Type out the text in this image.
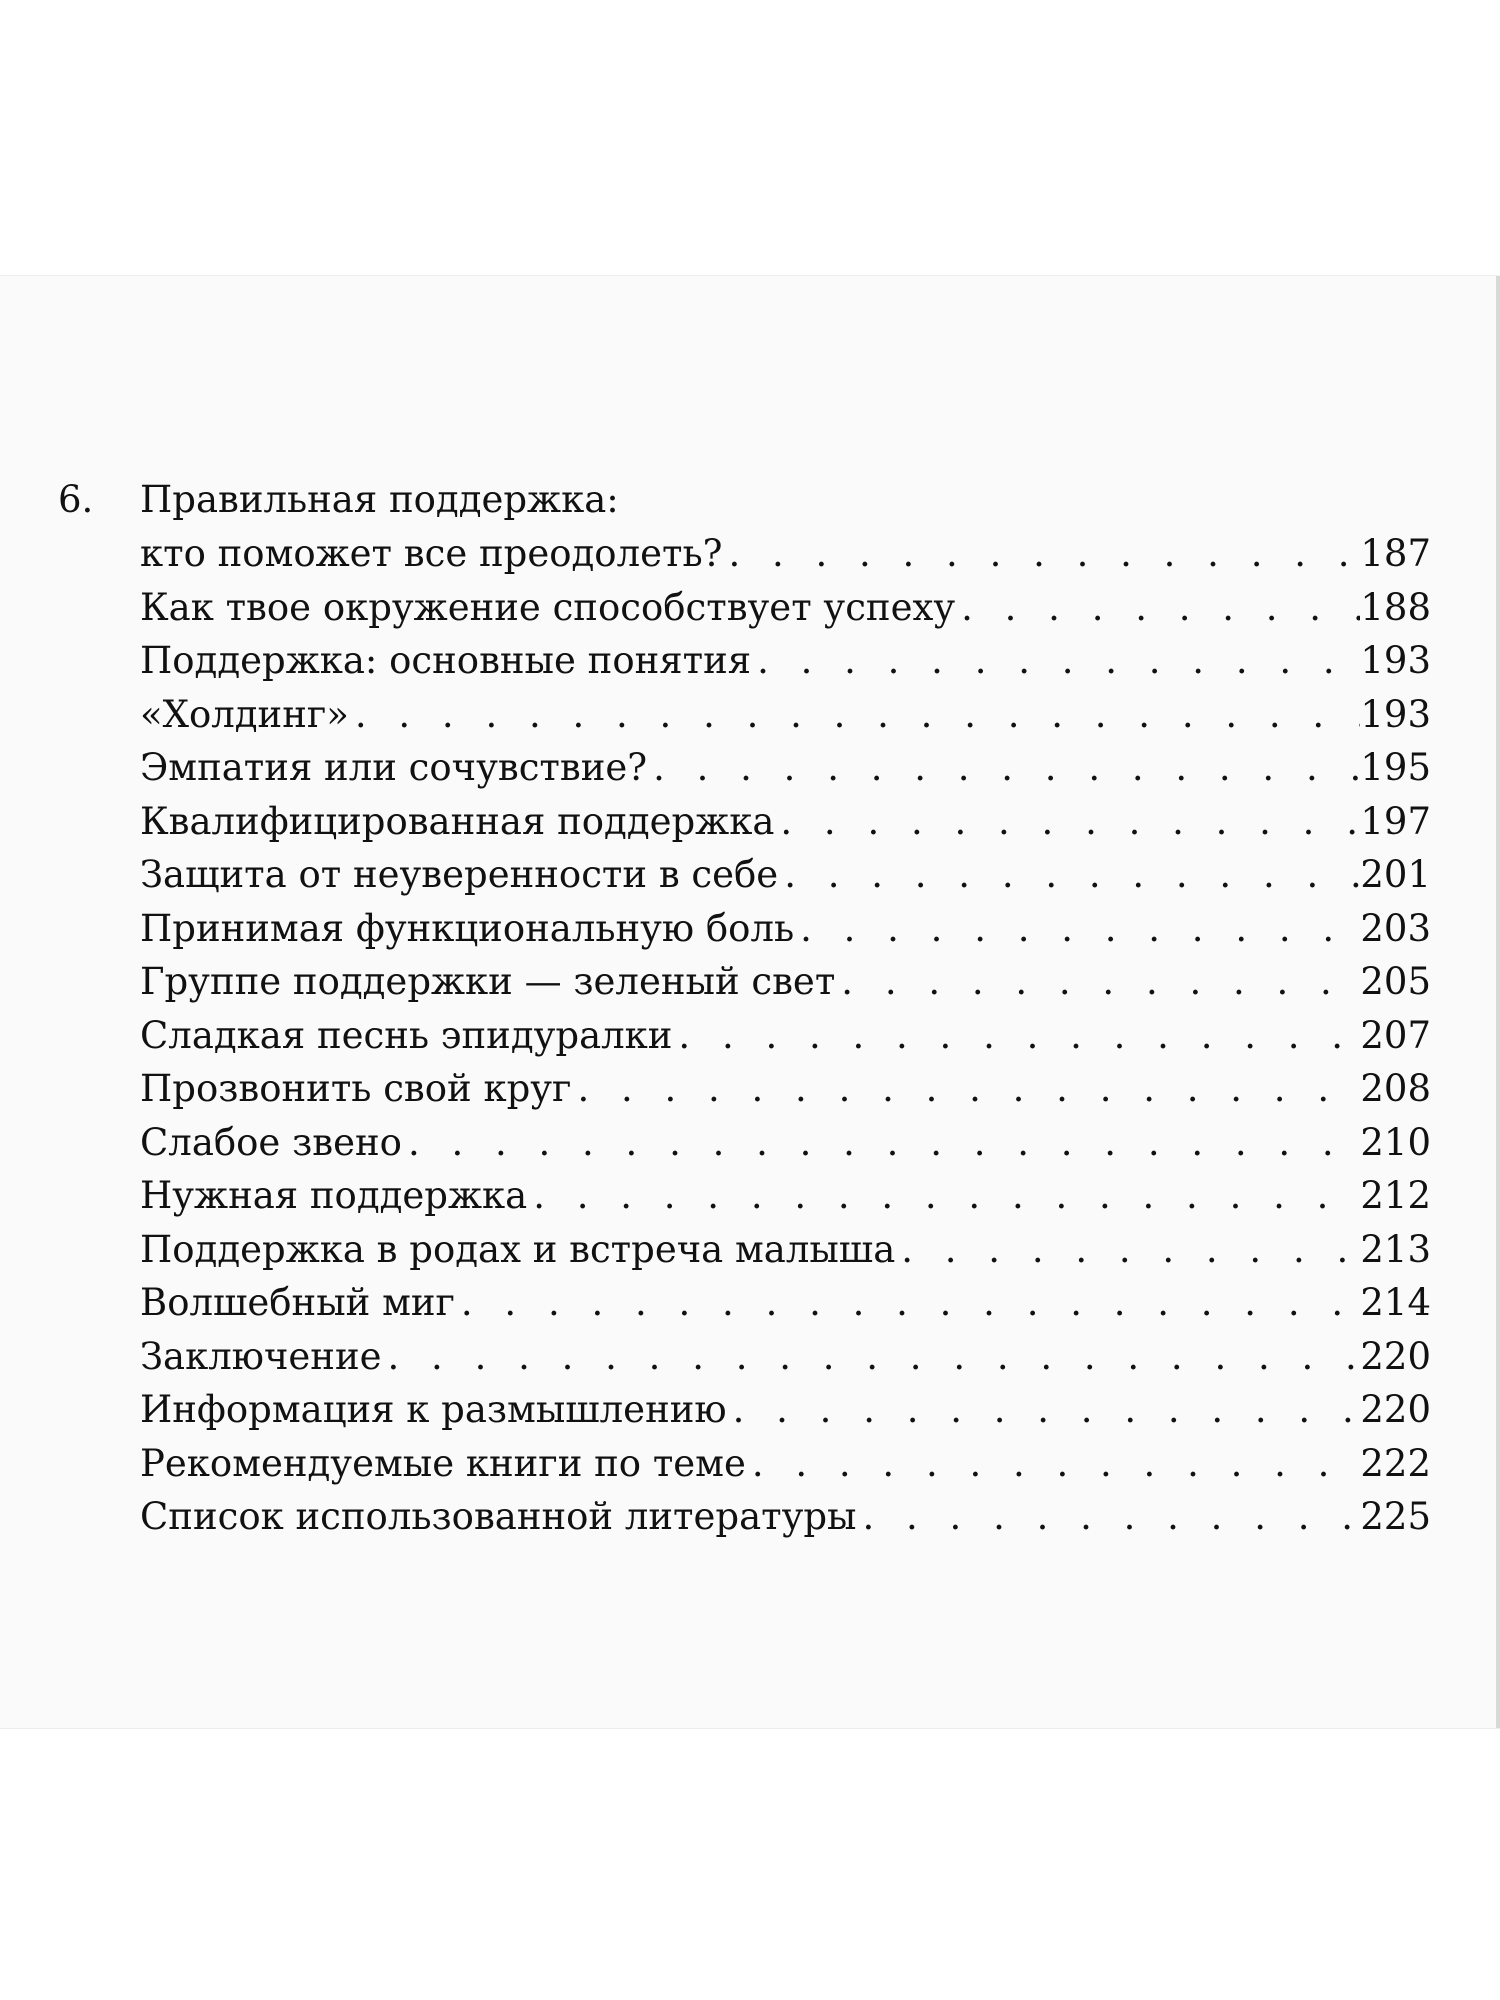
6.	Правильная поддержка:
кто поможет все преодолеть? . . .	187
Как твое окружение способствует успеху . . .	188
Поддержка: основные понятия . . .	193
«Холдинг» . . .	193
Эмпатия или сочувствие? . . .	195
Квалифицированная поддержка . . .	197
Защита от неуверенности в себе . . .	201
Принимая функциональную боль . . .	203
Группе поддержки — зеленый свет . . .	205
Сладкая песнь эпидуралки . . .	207
Прозвонить свой круг . . .	208
Слабое звено . . .	210
Нужная поддержка . . .	212
Поддержка в родах и встреча малыша . . .	213
Волшебный миг . . .	214
Заключение . . .	220
Информация к размышлению . . .	220
Рекомендуемые книги по теме . . .	222
Список использованной литературы . . .	225
